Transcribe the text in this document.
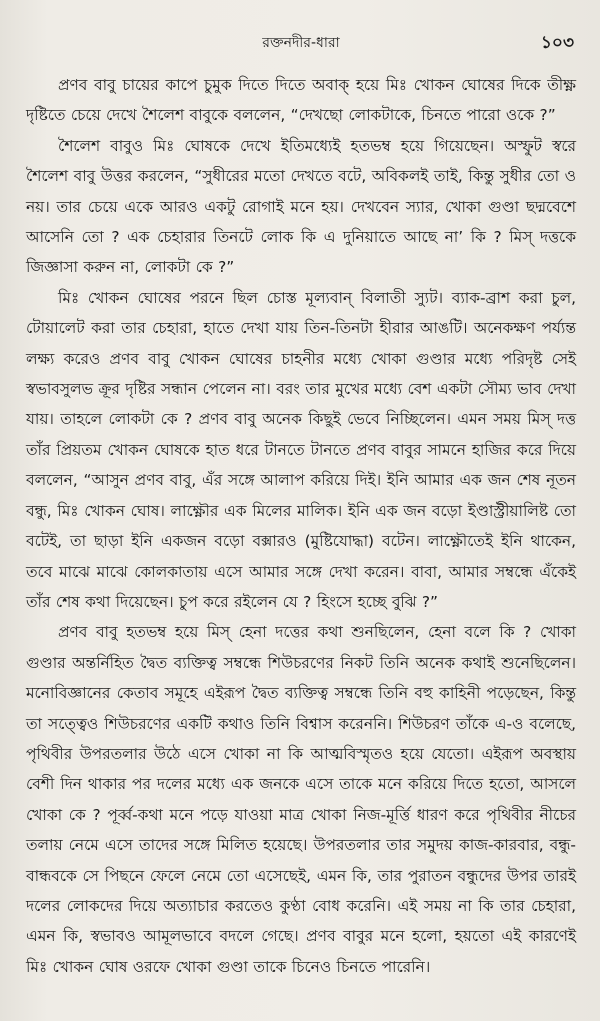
রক্তনদীর-ধারা	১০৩

প্রণব বাবু চায়ের কাপে চুমুক দিতে দিতে অবাক্ হয়ে মিঃ খোকন ঘোষের দিকে তীক্ষ্ণ দৃষ্টিতে চেয়ে দেখে শৈলেশ বাবুকে বললেন, “দেখছো লোকটাকে, চিনতে পারো ওকে ?”

শৈলেশ বাবুও মিঃ ঘোষকে দেখে ইতিমধ্যেই হতভম্ব হয়ে গিয়েছেন। অস্ফুট স্বরে শৈলেশ বাবু উত্তর করলেন, “সুধীরের মতো দেখতে বটে, অবিকলই তাই, কিন্তু সুধীর তো ও নয়। তার চেয়ে একে আরও একটু রোগাই মনে হয়। দেখবেন স্যার, খোকা গুণ্ডা ছদ্মবেশে আসেনি তো ? এক চেহারার তিনটে লোক কি এ দুনিয়াতে আছে না’ কি ? মিস্ দত্তকে জিজ্ঞাসা করুন না, লোকটা কে ?”

মিঃ খোকন ঘোষের পরনে ছিল চোস্ত মূল্যবান্ বিলাতী স্যুট। ব্যাক-ব্রাশ করা চুল, টোয়ালেট করা তার চেহারা, হাতে দেখা যায় তিন-তিনটা হীরার আঙটি। অনেকক্ষণ পর্য্যন্ত লক্ষ্য করেও প্রণব বাবু খোকন ঘোষের চাহনীর মধ্যে খোকা গুণ্ডার মধ্যে পরিদৃষ্ট সেই স্বভাবসুলভ ক্রূর দৃষ্টির সন্ধান পেলেন না। বরং তার মুখের মধ্যে বেশ একটা সৌম্য ভাব দেখা যায়। তাহলে লোকটা কে ? প্রণব বাবু অনেক কিছুই ভেবে নিচ্ছিলেন। এমন সময় মিস্ দত্ত তাঁর প্রিয়তম খোকন ঘোষকে হাত ধরে টানতে টানতে প্রণব বাবুর সামনে হাজির করে দিয়ে বললেন, “আসুন প্রণব বাবু, এঁর সঙ্গে আলাপ করিয়ে দিই। ইনি আমার এক জন শেষ নূতন বন্ধু, মিঃ খোকন ঘোষ। লাক্ষ্ণৌর এক মিলের মালিক। ইনি এক জন বড়ো ইণ্ডাস্ট্রীয়ালিষ্ট তো বটেই, তা ছাড়া ইনি একজন বড়ো বক্সারও (মুষ্টিযোদ্ধা) বটেন। লাক্ষ্ণৌতেই ইনি থাকেন, তবে মাঝে মাঝে কোলকাতায় এসে আমার সঙ্গে দেখা করেন। বাবা, আমার সম্বন্ধে এঁকেই তাঁর শেষ কথা দিয়েছেন। চুপ করে রইলেন যে ? হিংসে হচ্ছে বুঝি ?”

প্রণব বাবু হতভম্ব হয়ে মিস্ হেনা দত্তের কথা শুনছিলেন, হেনা বলে কি ? খোকা গুণ্ডার অন্তর্নিহিত দ্বৈত ব্যক্তিত্ব সম্বন্ধে শিউচরণের নিকট তিনি অনেক কথাই শুনেছিলেন। মনোবিজ্ঞানের কেতাব সমূহে এইরূপ দ্বৈত ব্যক্তিত্ব সম্বন্ধে তিনি বহু কাহিনী পড়েছেন, কিন্তু তা সত্ত্বেও শিউচরণের একটি কথাও তিনি বিশ্বাস করেননি। শিউচরণ তাঁকে এ-ও বলেছে, পৃথিবীর উপরতলার উঠে এসে খোকা না কি আত্মবিস্মৃতও হয়ে যেতো। এইরূপ অবস্থায় বেশী দিন থাকার পর দলের মধ্যে এক জনকে এসে তাকে মনে করিয়ে দিতে হতো, আসলে খোকা কে ? পূর্ব্ব-কথা মনে পড়ে যাওয়া মাত্র খোকা নিজ-মূর্ত্তি ধারণ করে পৃথিবীর নীচের তলায় নেমে এসে তাদের সঙ্গে মিলিত হয়েছে। উপরতলার তার সমুদয় কাজ-কারবার, বন্ধু-বান্ধবকে সে পিছনে ফেলে নেমে তো এসেছেই, এমন কি, তার পুরাতন বন্ধুদের উপর তারই দলের লোকদের দিয়ে অত্যাচার করতেও কুণ্ঠা বোধ করেনি। এই সময় না কি তার চেহারা, এমন কি, স্বভাবও আমূলভাবে বদলে গেছে। প্রণব বাবুর মনে হলো, হয়তো এই কারণেই মিঃ খোকন ঘোষ ওরফে খোকা গুণ্ডা তাকে চিনেও চিনতে পারেনি।
